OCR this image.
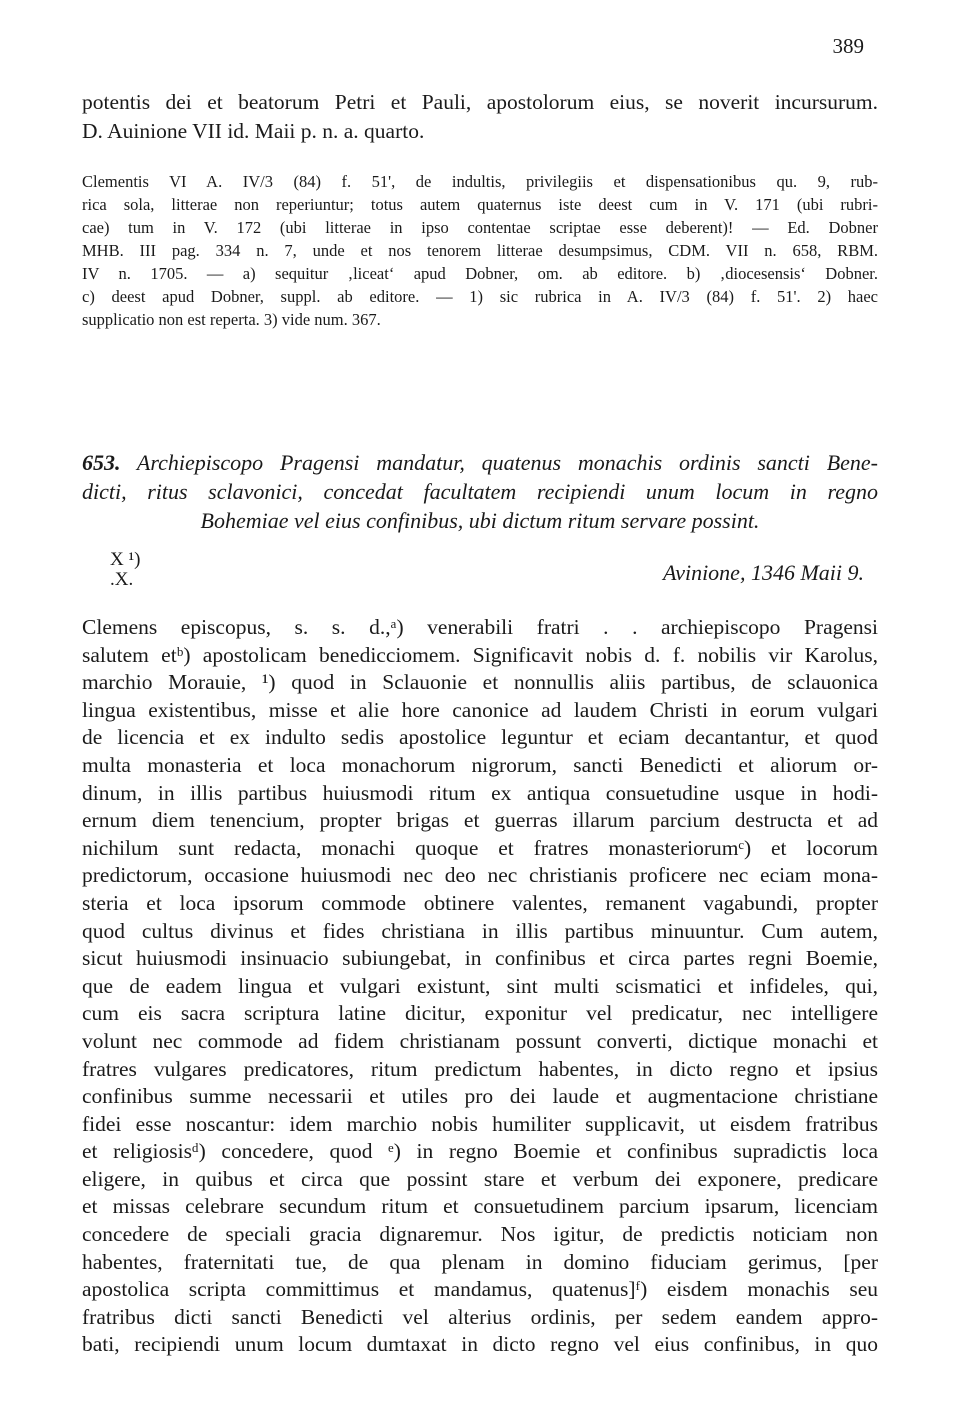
389
potentis dei et beatorum Petri et Pauli, apostolorum eius, se noverit incursurum.
D. Auinione VII id. Maii p. n. a. quarto.
Clementis VI A. IV/3 (84) f. 51', de indultis, privilegiis et dispensationibus qu. 9, rub-
rica sola, litterae non reperiuntur; totus autem quaternus iste deest cum in V. 171 (ubi rubri-
cae) tum in V. 172 (ubi litterae in ipso contentae scriptae esse deberent)! — Ed. Dobner
MHB. III pag. 334 n. 7, unde et nos tenorem litterae desumpsimus, CDM. VII n. 658, RBM.
IV n. 1705. — a) sequitur ‚liceat‘ apud Dobner, om. ab editore. b) ‚diocesensis‘ Dobner.
c) deest apud Dobner, suppl. ab editore. — 1) sic rubrica in A. IV/3 (84) f. 51'. 2) haec
supplicatio non est reperta. 3) vide num. 367.
653. Archiepiscopo Pragensi mandatur, quatenus monachis ordinis sancti Bene-
dicti, ritus sclavonici, concedat facultatem recipiendi unum locum in regno
Bohemiae vel eius confinibus, ubi dictum ritum servare possint.
X ¹)
.X.	Avinione, 1346 Maii 9.
Clemens episcopus, s. s. d.,ᵃ) venerabili fratri . . archiepiscopo Pragensi
salutem etᵇ) apostolicam benedicciomem. Significavit nobis d. f. nobilis vir Karolus,
marchio Morauie, ¹) quod in Sclauonie et nonnullis aliis partibus, de sclauonica
lingua existentibus, misse et alie hore canonice ad laudem Christi in eorum vulgari
de licencia et ex indulto sedis apostolice leguntur et eciam decantantur, et quod
multa monasteria et loca monachorum nigrorum, sancti Benedicti et aliorum or-
dinum, in illis partibus huiusmodi ritum ex antiqua consuetudine usque in hodi-
ernum diem tenencium, propter brigas et guerras illarum parcium destructa et ad
nichilum sunt redacta, monachi quoque et fratres monasteriorumᶜ) et locorum
predictorum, occasione huiusmodi nec deo nec christianis proficere nec eciam mona-
steria et loca ipsorum commode obtinere valentes, remanent vagabundi, propter
quod cultus divinus et fides christiana in illis partibus minuuntur. Cum autem,
sicut huiusmodi insinuacio subiungebat, in confinibus et circa partes regni Boemie,
que de eadem lingua et vulgari existunt, sint multi scismatici et infideles, qui,
cum eis sacra scriptura latine dicitur, exponitur vel predicatur, nec intelligere
volunt nec commode ad fidem christianam possunt converti, dictique monachi et
fratres vulgares predicatores, ritum predictum habentes, in dicto regno et ipsius
confinibus summe necessarii et utiles pro dei laude et augmentacione christiane
fidei esse noscantur: idem marchio nobis humiliter supplicavit, ut eisdem fratribus
et religiosisᵈ) concedere, quod ᵉ) in regno Boemie et confinibus supradictis loca
eligere, in quibus et circa que possint stare et verbum dei exponere, predicare
et missas celebrare secundum ritum et consuetudinem parcium ipsarum, licenciam
concedere de speciali gracia dignaremur. Nos igitur, de predictis noticiam non
habentes, fraternitati tue, de qua plenam in domino fiduciam gerimus, [per
apostolica scripta committimus et mandamus, quatenus]ᶠ) eisdem monachis seu
fratribus dicti sancti Benedicti vel alterius ordinis, per sedem eandem appro-
bati, recipiendi unum locum dumtaxat in dicto regno vel eius confinibus, in quo
